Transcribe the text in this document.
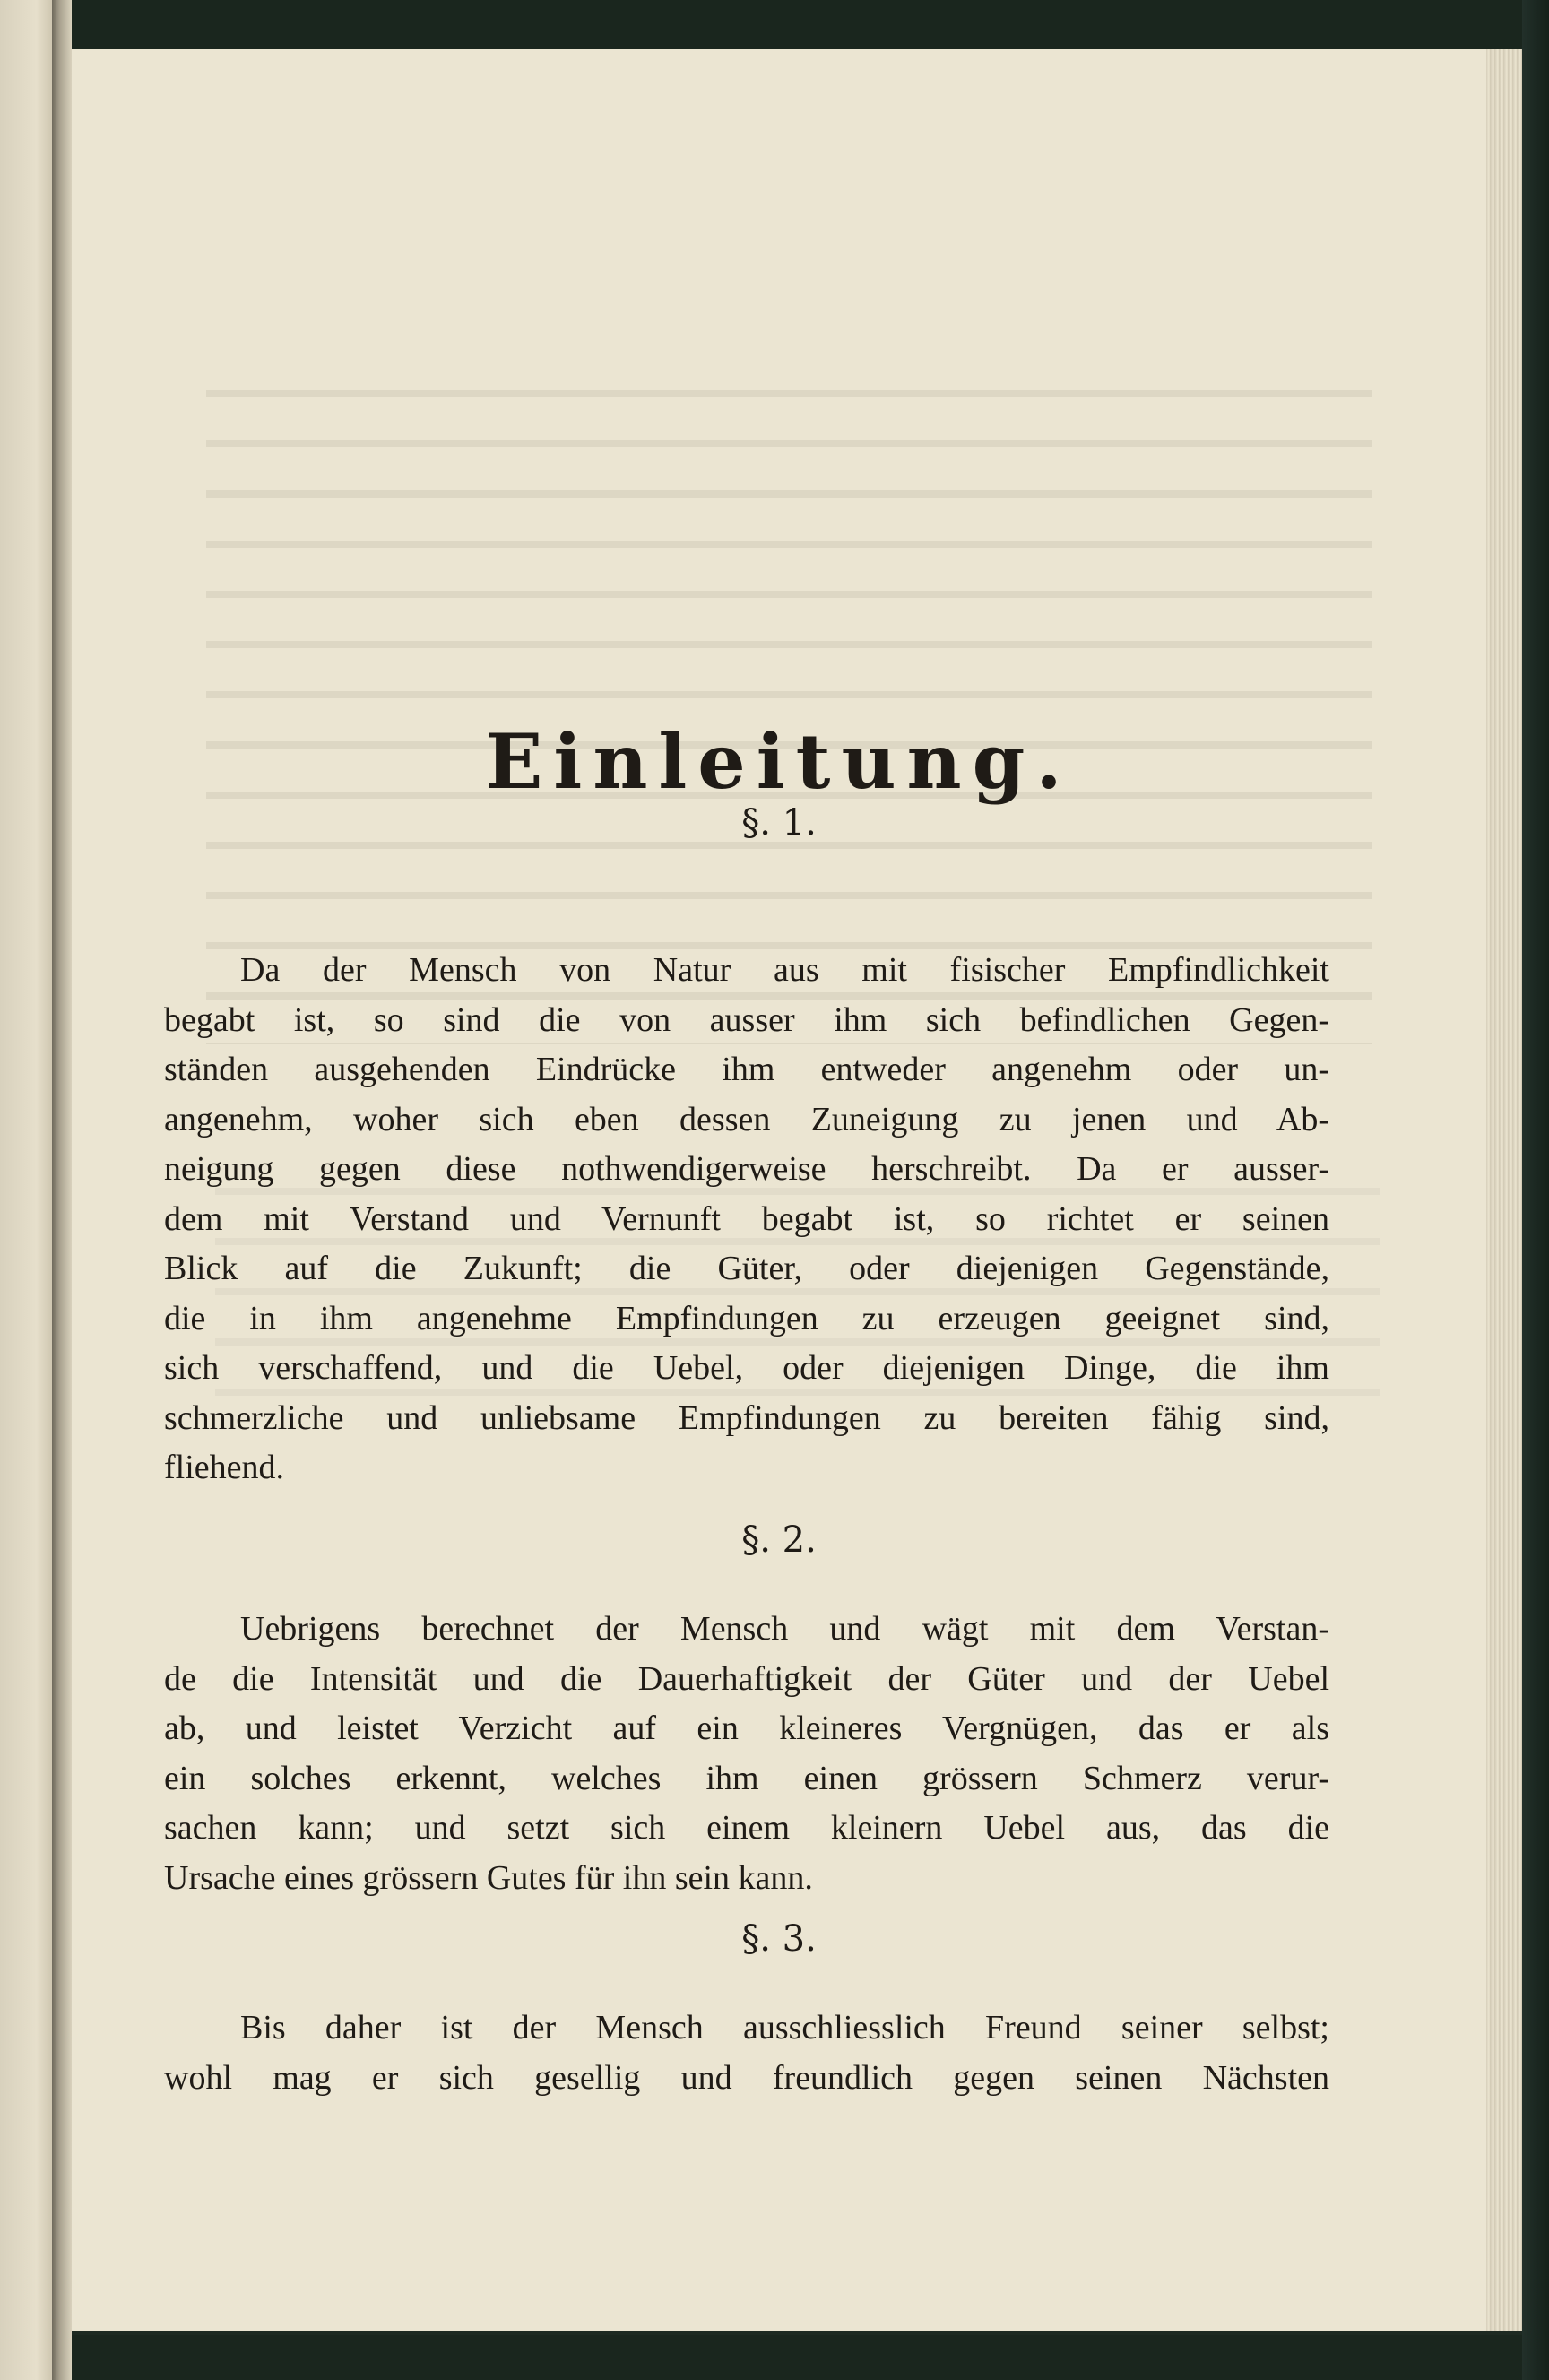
Einleitung.
§. 1.

Da der Mensch von Natur aus mit fisischer Empfindlichkeit
begabt ist, so sind die von ausser ihm sich befindlichen Gegen-
ständen ausgehenden Eindrücke ihm entweder angenehm oder un-
angenehm, woher sich eben dessen Zuneigung zu jenen und Ab-
neigung gegen diese nothwendigerweise herschreibt. Da er ausser-
dem mit Verstand und Vernunft begabt ist, so richtet er seinen
Blick auf die Zukunft; die Güter, oder diejenigen Gegenstände,
die in ihm angenehme Empfindungen zu erzeugen geeignet sind,
sich verschaffend, und die Uebel, oder diejenigen Dinge, die ihm
schmerzliche und unliebsame Empfindungen zu bereiten fähig sind,
fliehend.

§. 2.

Uebrigens berechnet der Mensch und wägt mit dem Verstan-
de die Intensität und die Dauerhaftigkeit der Güter und der Uebel
ab, und leistet Verzicht auf ein kleineres Vergnügen, das er als
ein solches erkennt, welches ihm einen grössern Schmerz verur-
sachen kann; und setzt sich einem kleinern Uebel aus, das die
Ursache eines grössern Gutes für ihn sein kann.

§. 3.

Bis daher ist der Mensch ausschliesslich Freund seiner selbst;
wohl mag er sich gesellig und freundlich gegen seinen Nächsten
